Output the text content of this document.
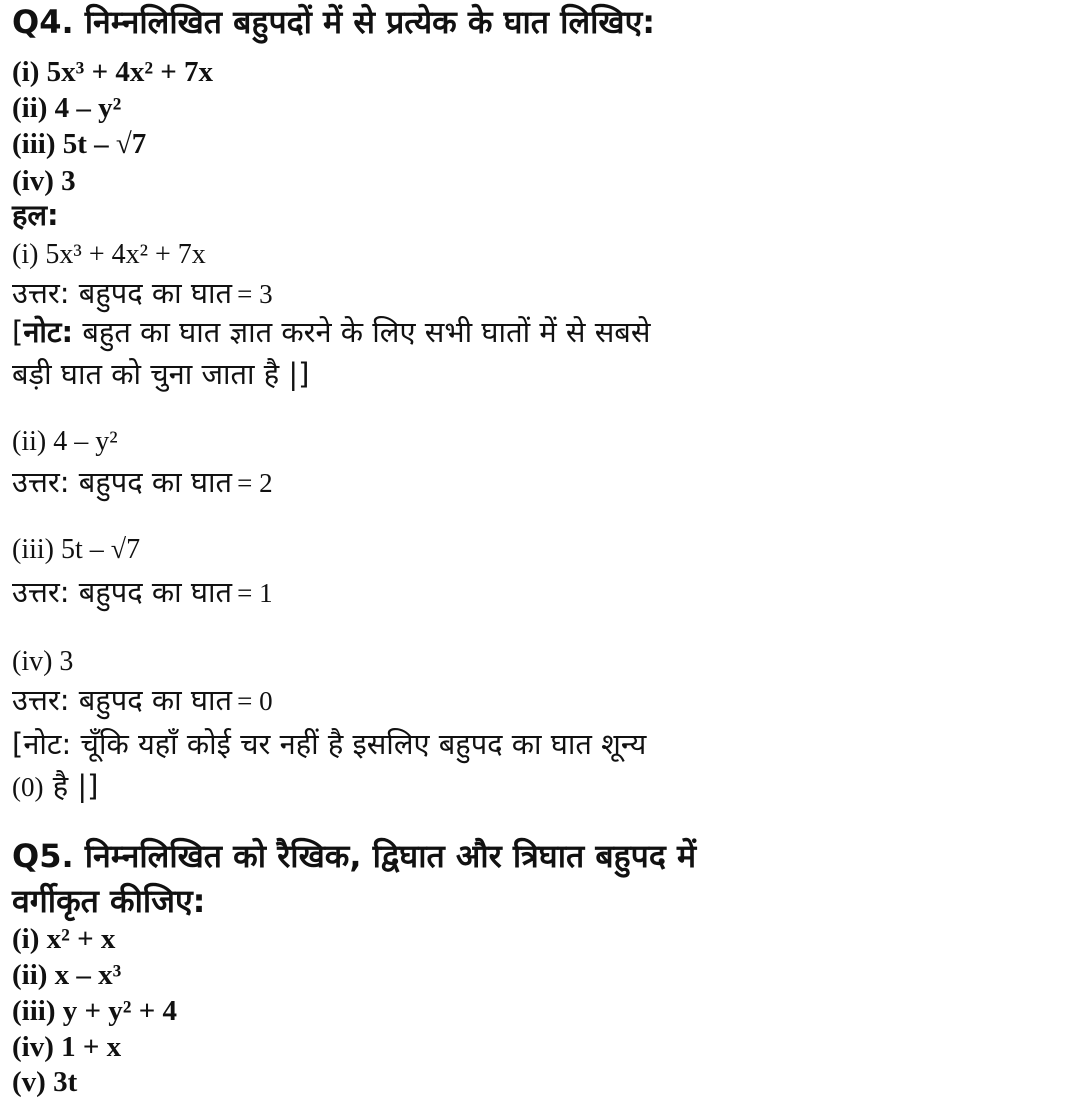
Q4. निम्नलिखित बहुपदों में से प्रत्येक के घात लिखिए:
(i) 5x³ + 4x² + 7x
(ii) 4 – y²
(iii) 5t – √7
(iv) 3
हल:
(i) 5x³ + 4x² + 7x
उत्तर: बहुपद का घात = 3
[नोट: बहुत का घात ज्ञात करने के लिए सभी घातों में से सबसे
बड़ी घात को चुना जाता है |]
(ii) 4 – y²
उत्तर: बहुपद का घात = 2
(iii) 5t – √7
उत्तर: बहुपद का घात = 1
(iv) 3
उत्तर: बहुपद का घात = 0
[नोट: चूँकि यहाँ कोई चर नहीं है इसलिए बहुपद का घात शून्य
(0) है |]
Q5. निम्नलिखित को रैखिक, द्विघात और त्रिघात बहुपद में
वर्गीकृत कीजिए:
(i) x² + x
(ii) x – x³
(iii) y + y² + 4
(iv) 1 + x
(v) 3t
